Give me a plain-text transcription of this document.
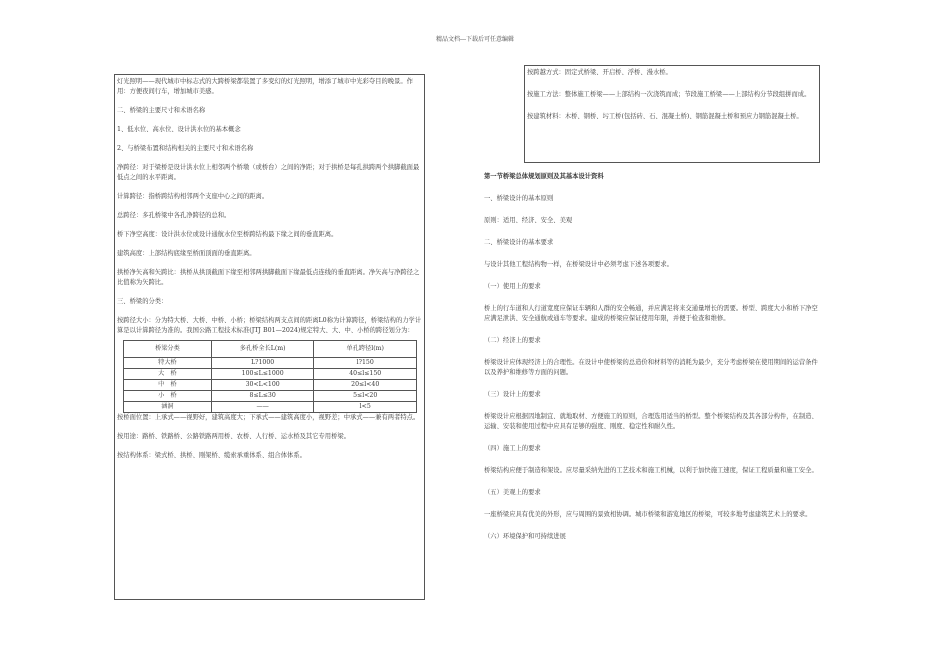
精品文档---下载后可任意编辑

灯光照明——现代城市中标志式的大跨桥梁都装置了多变幻的灯光照明，增添了城市中光彩夺目的晚景。作用：方便夜间行车，增加城市美感。

二、桥梁的主要尺寸和术语名称

1、低水位、高水位、设计洪水位的基本概念

2、与桥梁布置和结构相关的主要尺寸和术语名称

净跨径：对于梁桥是设计洪水位上相邻两个桥墩（或桥台）之间的净距；对于拱桥是每孔拱跨两个拱脚截面最低点之间的水平距离。

计算跨径：指桥跨结构相邻两个支座中心之间的距离。

总跨径：多孔桥梁中各孔净跨径的总和。

桥下净空高度：设计洪水位或设计通航水位至桥跨结构最下缘之间的垂直距离。

建筑高度：上部结构底缘至桥面顶面的垂直距离。

拱桥净矢高和矢跨比：拱桥从拱顶截面下缘至相邻两拱脚截面下缘最低点连线的垂直距离。净矢高与净跨径之比值称为矢跨比。

三、桥梁的分类：

按跨径大小：分为特大桥、大桥、中桥、小桥；桥梁结构两支点间的距离L0称为计算跨径，桥梁结构的力学计算是以计算跨径为准的。我国公路工程技术标准(JTJ B01—2024)规定特大、大、中、小桥的跨径划分为：

桥梁分类	多孔桥全长L(m)	单孔跨径l(m)
特大桥	L?1000	l?150
大　桥	100≤L≤1000	40≤l≤150
中　桥	30<L<100	20≤l<40
小　桥	8≤L≤30	5≤l<20
涵洞	——	l<5

按桥面位置：上承式——视野好，建筑高度大；下承式——建筑高度小，视野差；中承式——兼有两者特点。

按用途：路桥、铁路桥、公路铁路两用桥、农桥、人行桥、运水桥及其它专用桥梁。

按结构体系：梁式桥、拱桥、刚架桥、缆索承重体系、组合体体系。

按跨越方式：固定式桥梁、开启桥、浮桥、漫水桥。

按施工方法：整体施工桥梁——上部结构一次浇筑而成；节段施工桥梁——上部结构分节段组拼而成。

按建筑材料：木桥、钢桥、圬工桥(包括砖、石、混凝土桥)、钢筋混凝土桥和预应力钢筋混凝土桥。

第一节桥梁总体规划原则及其基本设计资料

一、桥梁设计的基本原则

原则：适用、经济、安全、美观

二、桥梁设计的基本要求

与设计其他工程结构物一样，在桥梁设计中必须考虑下述各项要求。

（一）使用上的要求

桥上的行车道和人行道宽度应保证车辆和人群的安全畅通，并应满足将来交通量增长的需要。桥型、跨度大小和桥下净空应满足泄洪、安全通航或通车等要求。建成的桥梁应保证使用年限，并便于检查和维修。

（二）经济上的要求

桥梁设计应体现经济上的合理性。在设计中使桥梁的总造价和材料等的消耗为最少，充分考虑桥梁在使用期间的运营条件以及养护和维修等方面的问题。

（三）设计上的要求

桥梁设计应根据因地制宜、就地取材、方便施工的原则，合理选用适当的桥型。整个桥梁结构及其各部分构件，在制造、运输、安装和使用过程中应具有足够的强度、刚度、稳定性和耐久性。

（四）施工上的要求

桥梁结构应便于制造和架设。应尽量采纳先进的工艺技术和施工机械，以利于加快施工速度，保证工程质量和施工安全。

（五）美观上的要求

一座桥梁应具有优美的外形，应与周围的景致相协调。城市桥梁和游览地区的桥梁，可较多地考虑建筑艺术上的要求。

（六）环境保护和可持续进展
